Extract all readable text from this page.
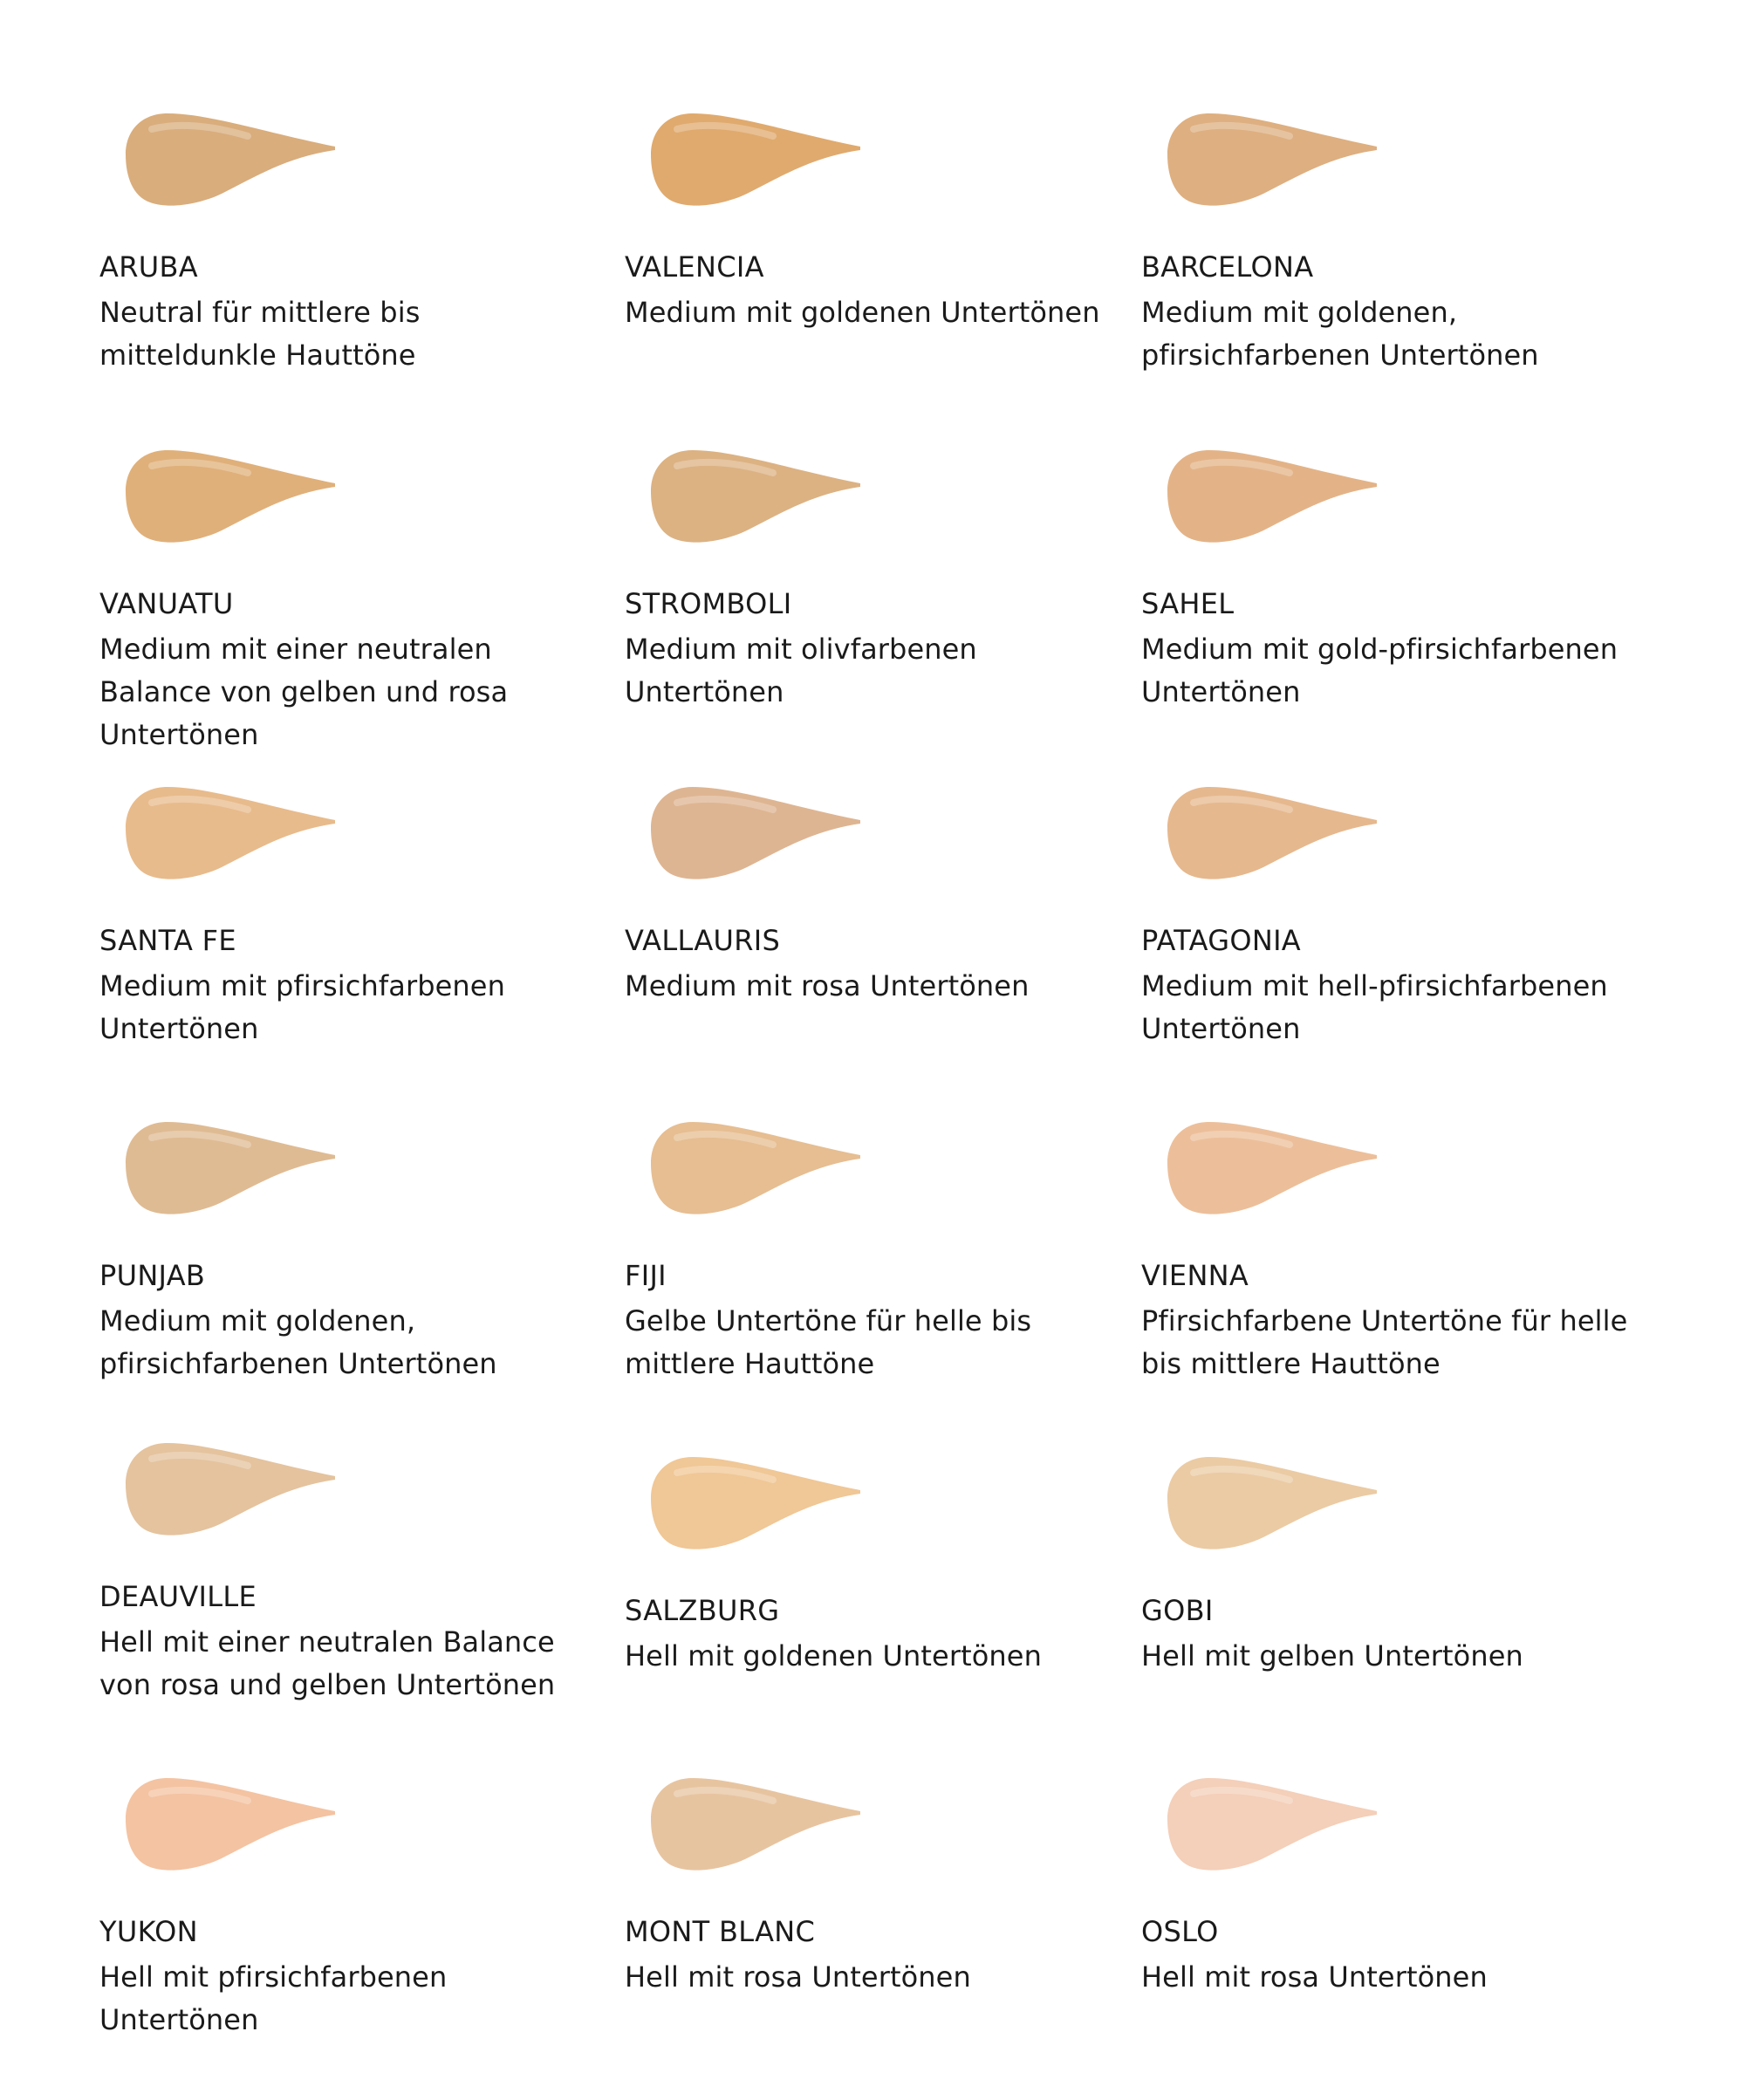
ARUBA
Neutral für mittlere bis mitteldunkle Hauttöne
VALENCIA
Medium mit goldenen Untertönen
BARCELONA
Medium mit goldenen, pfirsichfarbenen Untertönen
VANUATU
Medium mit einer neutralen Balance von gelben und rosa Untertönen
STROMBOLI
Medium mit olivfarbenen Untertönen
SAHEL
Medium mit gold-pfirsichfarbenen Untertönen
SANTA FE
Medium mit pfirsichfarbenen Untertönen
VALLAURIS
Medium mit rosa Untertönen
PATAGONIA
Medium mit hell-pfirsichfarbenen Untertönen
PUNJAB
Medium mit goldenen, pfirsichfarbenen Untertönen
FIJI
Gelbe Untertöne für helle bis mittlere Hauttöne
VIENNA
Pfirsichfarbene Untertöne für helle bis mittlere Hauttöne
DEAUVILLE
Hell mit einer neutralen Balance von rosa und gelben Untertönen
SALZBURG
Hell mit goldenen Untertönen
GOBI
Hell mit gelben Untertönen
YUKON
Hell mit pfirsichfarbenen Untertönen
MONT BLANC
Hell mit rosa Untertönen
OSLO
Hell mit rosa Untertönen
